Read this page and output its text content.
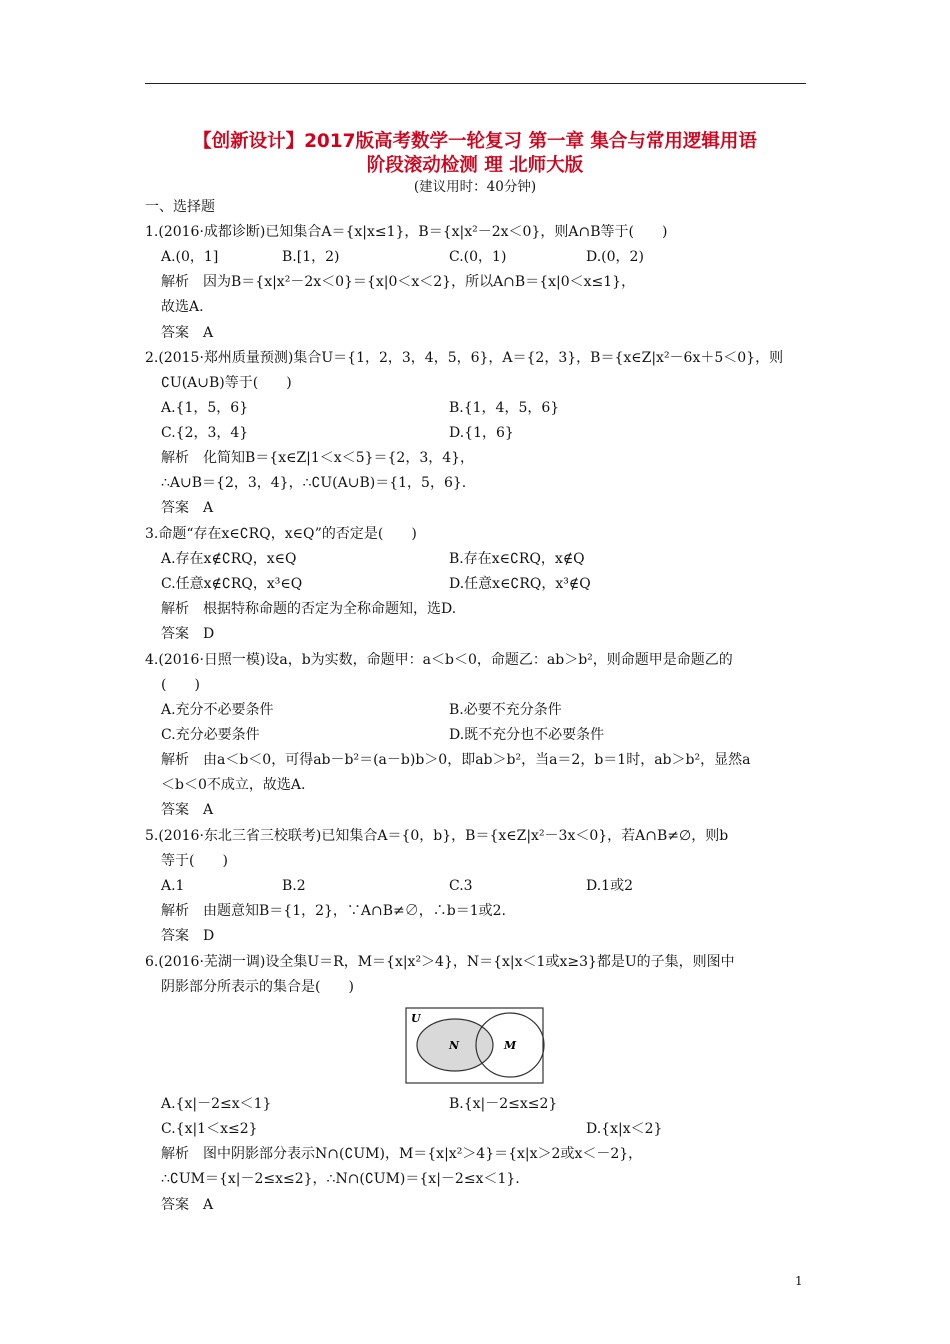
【创新设计】2017版高考数学一轮复习 第一章 集合与常用逻辑用语
阶段滚动检测 理 北师大版
(建议用时：40分钟)
一、选择题
1.(2016·成都诊断)已知集合A＝{x|x≤1}，B＝{x|x²－2x＜0}，则A∩B等于(　　)
A.(0，1]	B.[1，2)	C.(0，1)	D.(0，2)
解析　因为B＝{x|x²－2x＜0}＝{x|0＜x＜2}，所以A∩B＝{x|0＜x≤1}，
故选A.
答案　A
2.(2015·郑州质量预测)集合U＝{1，2，3，4，5，6}，A＝{2，3}，B＝{x∈Z|x²－6x＋5＜0}，则
∁U(A∪B)等于(　　)
A.{1，5，6}	B.{1，4，5，6}
C.{2，3，4}	D.{1，6}
解析　化简知B＝{x∈Z|1＜x＜5}＝{2，3，4}，
∴A∪B＝{2，3，4}，∴∁U(A∪B)＝{1，5，6}.
答案　A
3.命题“存在x∈∁RQ，x∈Q”的否定是(　　)
A.存在x∉∁RQ，x∈Q	B.存在x∈∁RQ，x∉Q
C.任意x∉∁RQ，x³∈Q	D.任意x∈∁RQ，x³∉Q
解析　根据特称命题的否定为全称命题知，选D.
答案　D
4.(2016·日照一模)设a，b为实数，命题甲：a＜b＜0，命题乙：ab＞b²，则命题甲是命题乙的
(　　)
A.充分不必要条件	B.必要不充分条件
C.充分必要条件	D.既不充分也不必要条件
解析　由a＜b＜0，可得ab－b²＝(a－b)b＞0，即ab＞b²，当a＝2，b＝1时，ab＞b²，显然a
＜b＜0不成立，故选A.
答案　A
5.(2016·东北三省三校联考)已知集合A＝{0，b}，B＝{x∈Z|x²－3x＜0}，若A∩B≠∅，则b
等于(　　)
A.1	B.2	C.3	D.1或2
解析　由题意知B＝{1，2}，∵A∩B≠∅，∴b＝1或2.
答案　D
6.(2016·芜湖一调)设全集U＝R，M＝{x|x²＞4}，N＝{x|x＜1或x≥3}都是U的子集，则图中
阴影部分所表示的集合是(　　)
U
N	M
A.{x|－2≤x＜1}	B.{x|－2≤x≤2}
C.{x|1＜x≤2}	D.{x|x＜2}
解析　图中阴影部分表示N∩(∁UM)，M＝{x|x²＞4}＝{x|x＞2或x＜－2}，
∴∁UM＝{x|－2≤x≤2}，∴N∩(∁UM)＝{x|－2≤x＜1}.
答案　A
1
